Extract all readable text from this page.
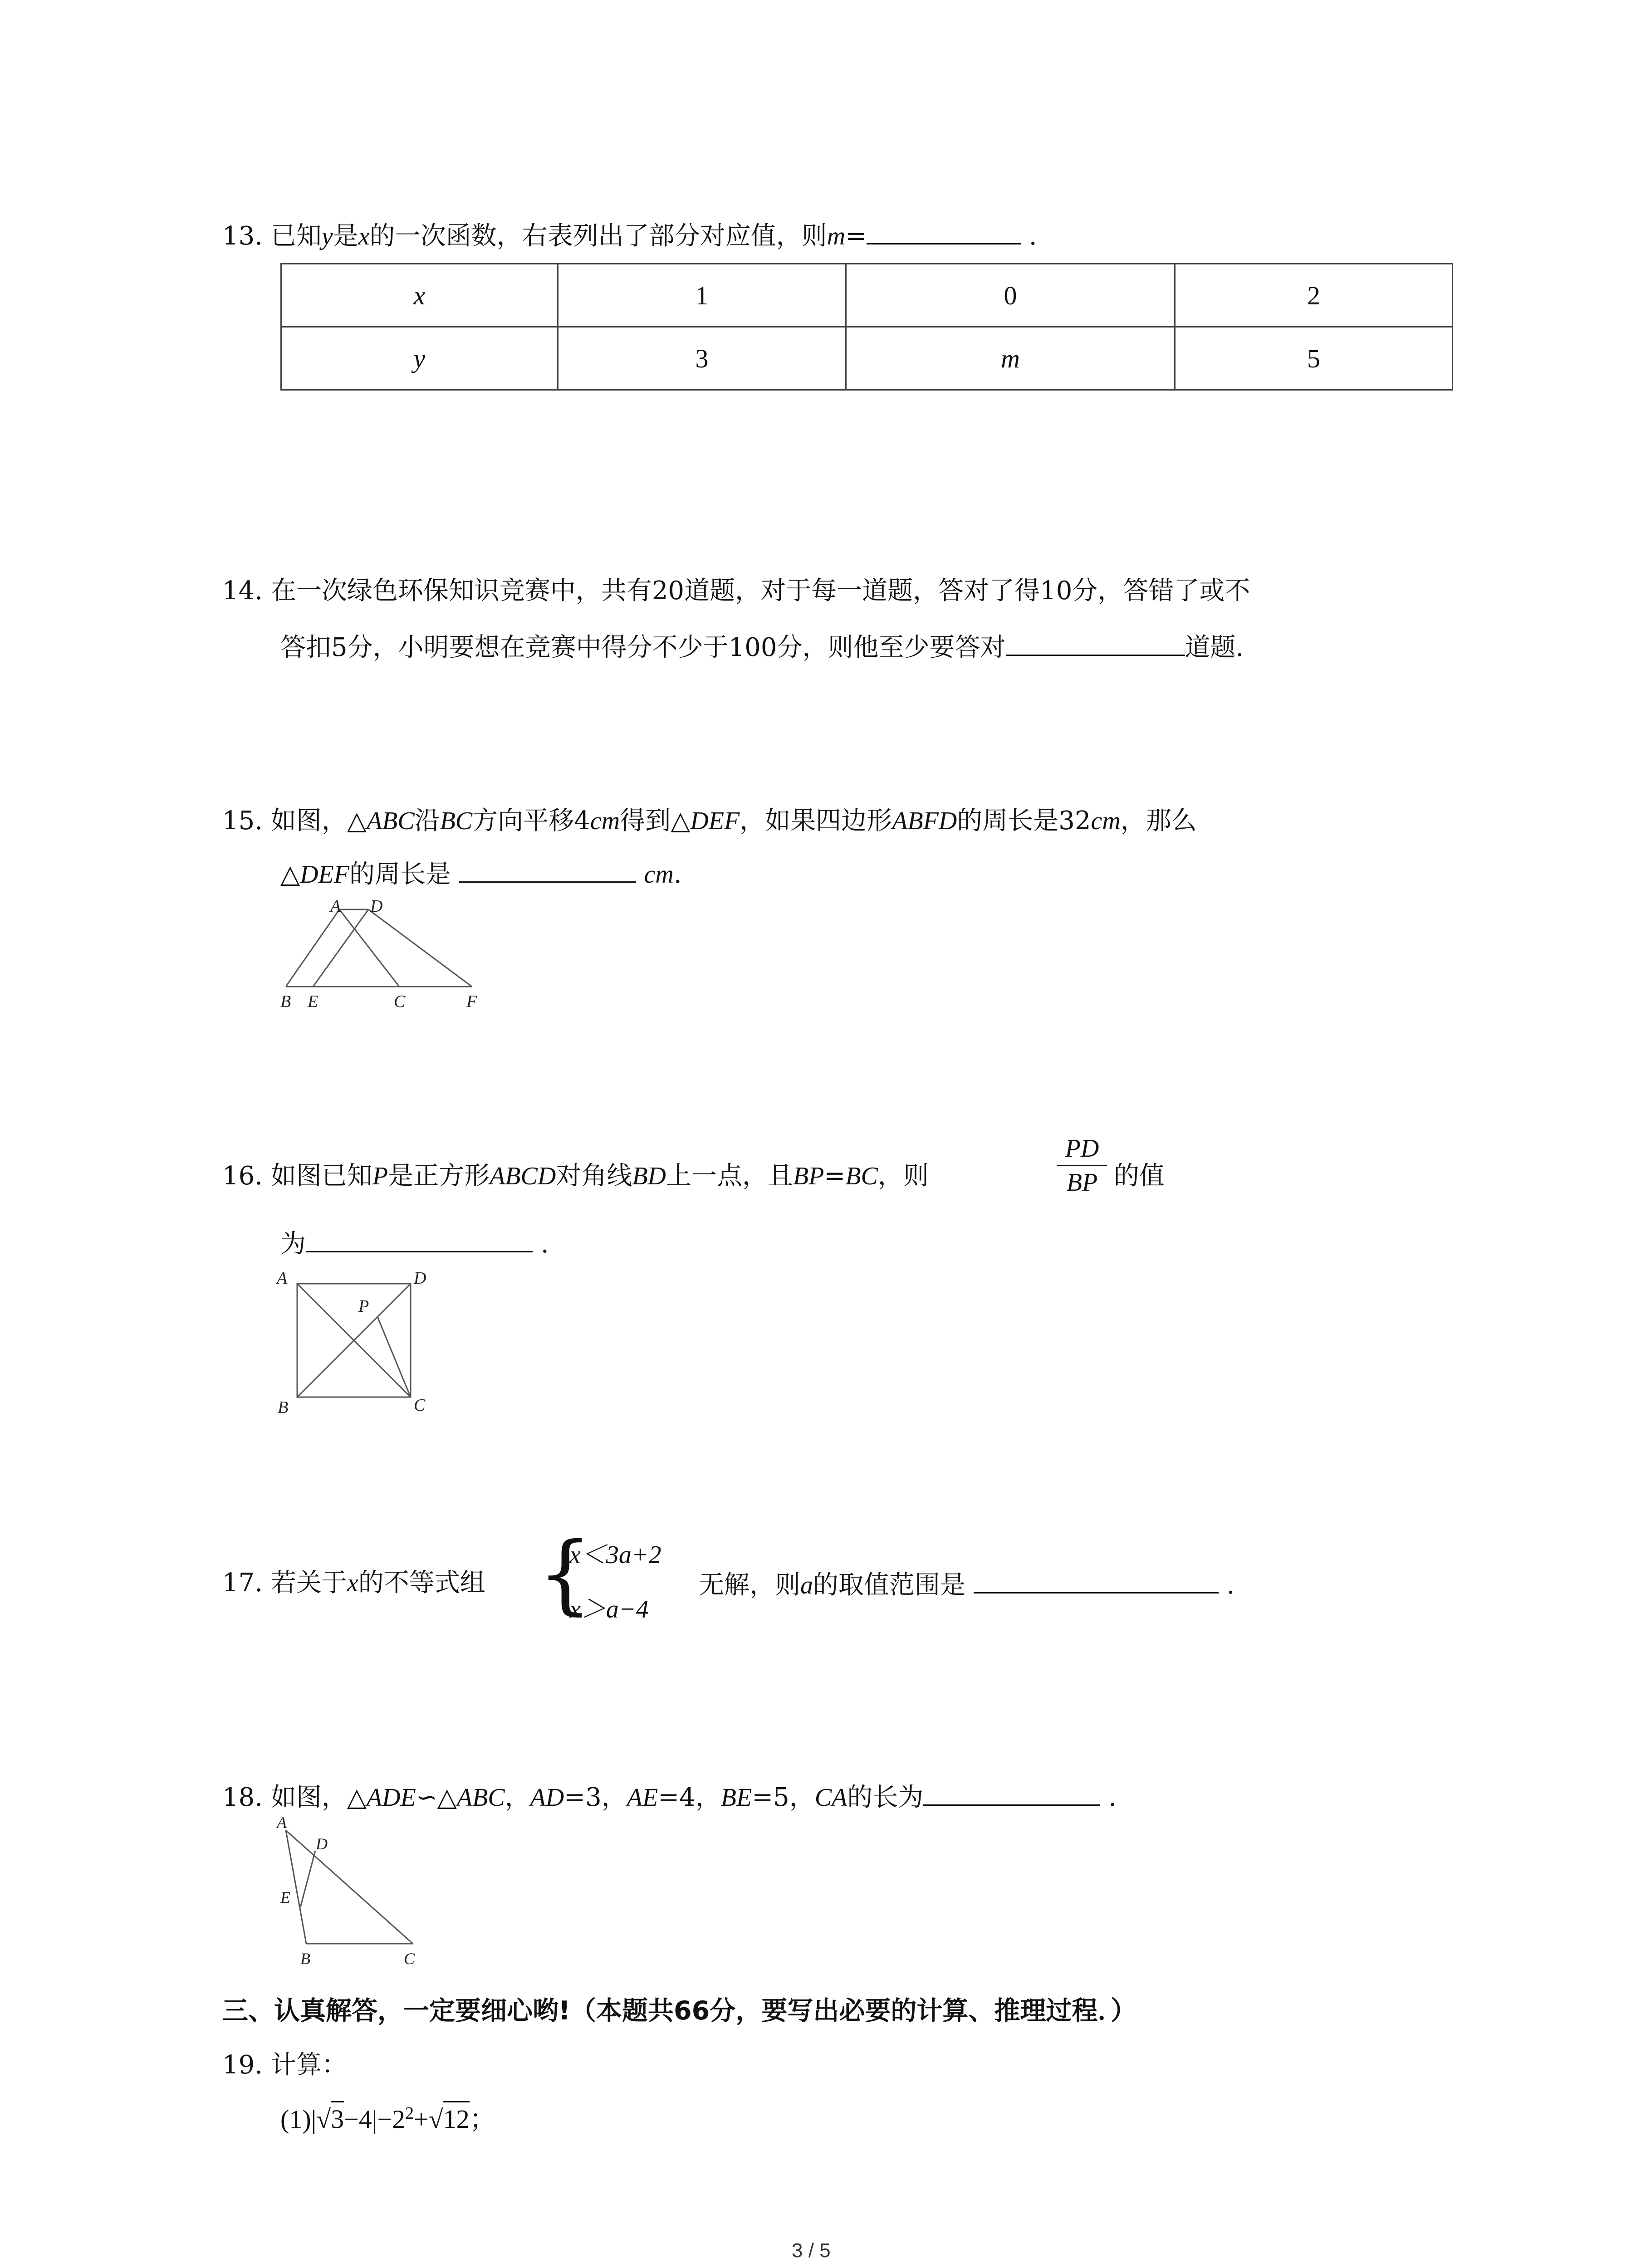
13. 已知y是x的一次函数，右表列出了部分对应值，则m=	.
x	1	0	2
y	3	m	5
14. 在一次绿色环保知识竞赛中，共有20道题，对于每一道题，答对了得10分，答错了或不
答扣5分，小明要想在竞赛中得分不少于100分，则他至少要答对	道题.
15. 如图，△ABC沿BC方向平移4cm得到△DEF，如果四边形ABFD的周长是32cm，那么
△DEF的周长是	cm.
A D
B E	C	F
16. 如图已知P是正方形ABCD对角线BD上一点，且BP=BC，则
PD
BP 的值
为	.
A	D
P
B	C
17. 若关于x的不等式组 {
x＜3a+2
x＞a−4
无解，则a的取值范围是	.
18. 如图，△ADE∽△ABC，AD=3，AE=4，BE=5，CA的长为	.
A
D
E
B	C
三、认真解答，一定要细心哟!（本题共66分，要写出必要的计算、推理过程．）
19. 计算：
$(1)|√3-4|-2^2+√12$；
3 / 5
